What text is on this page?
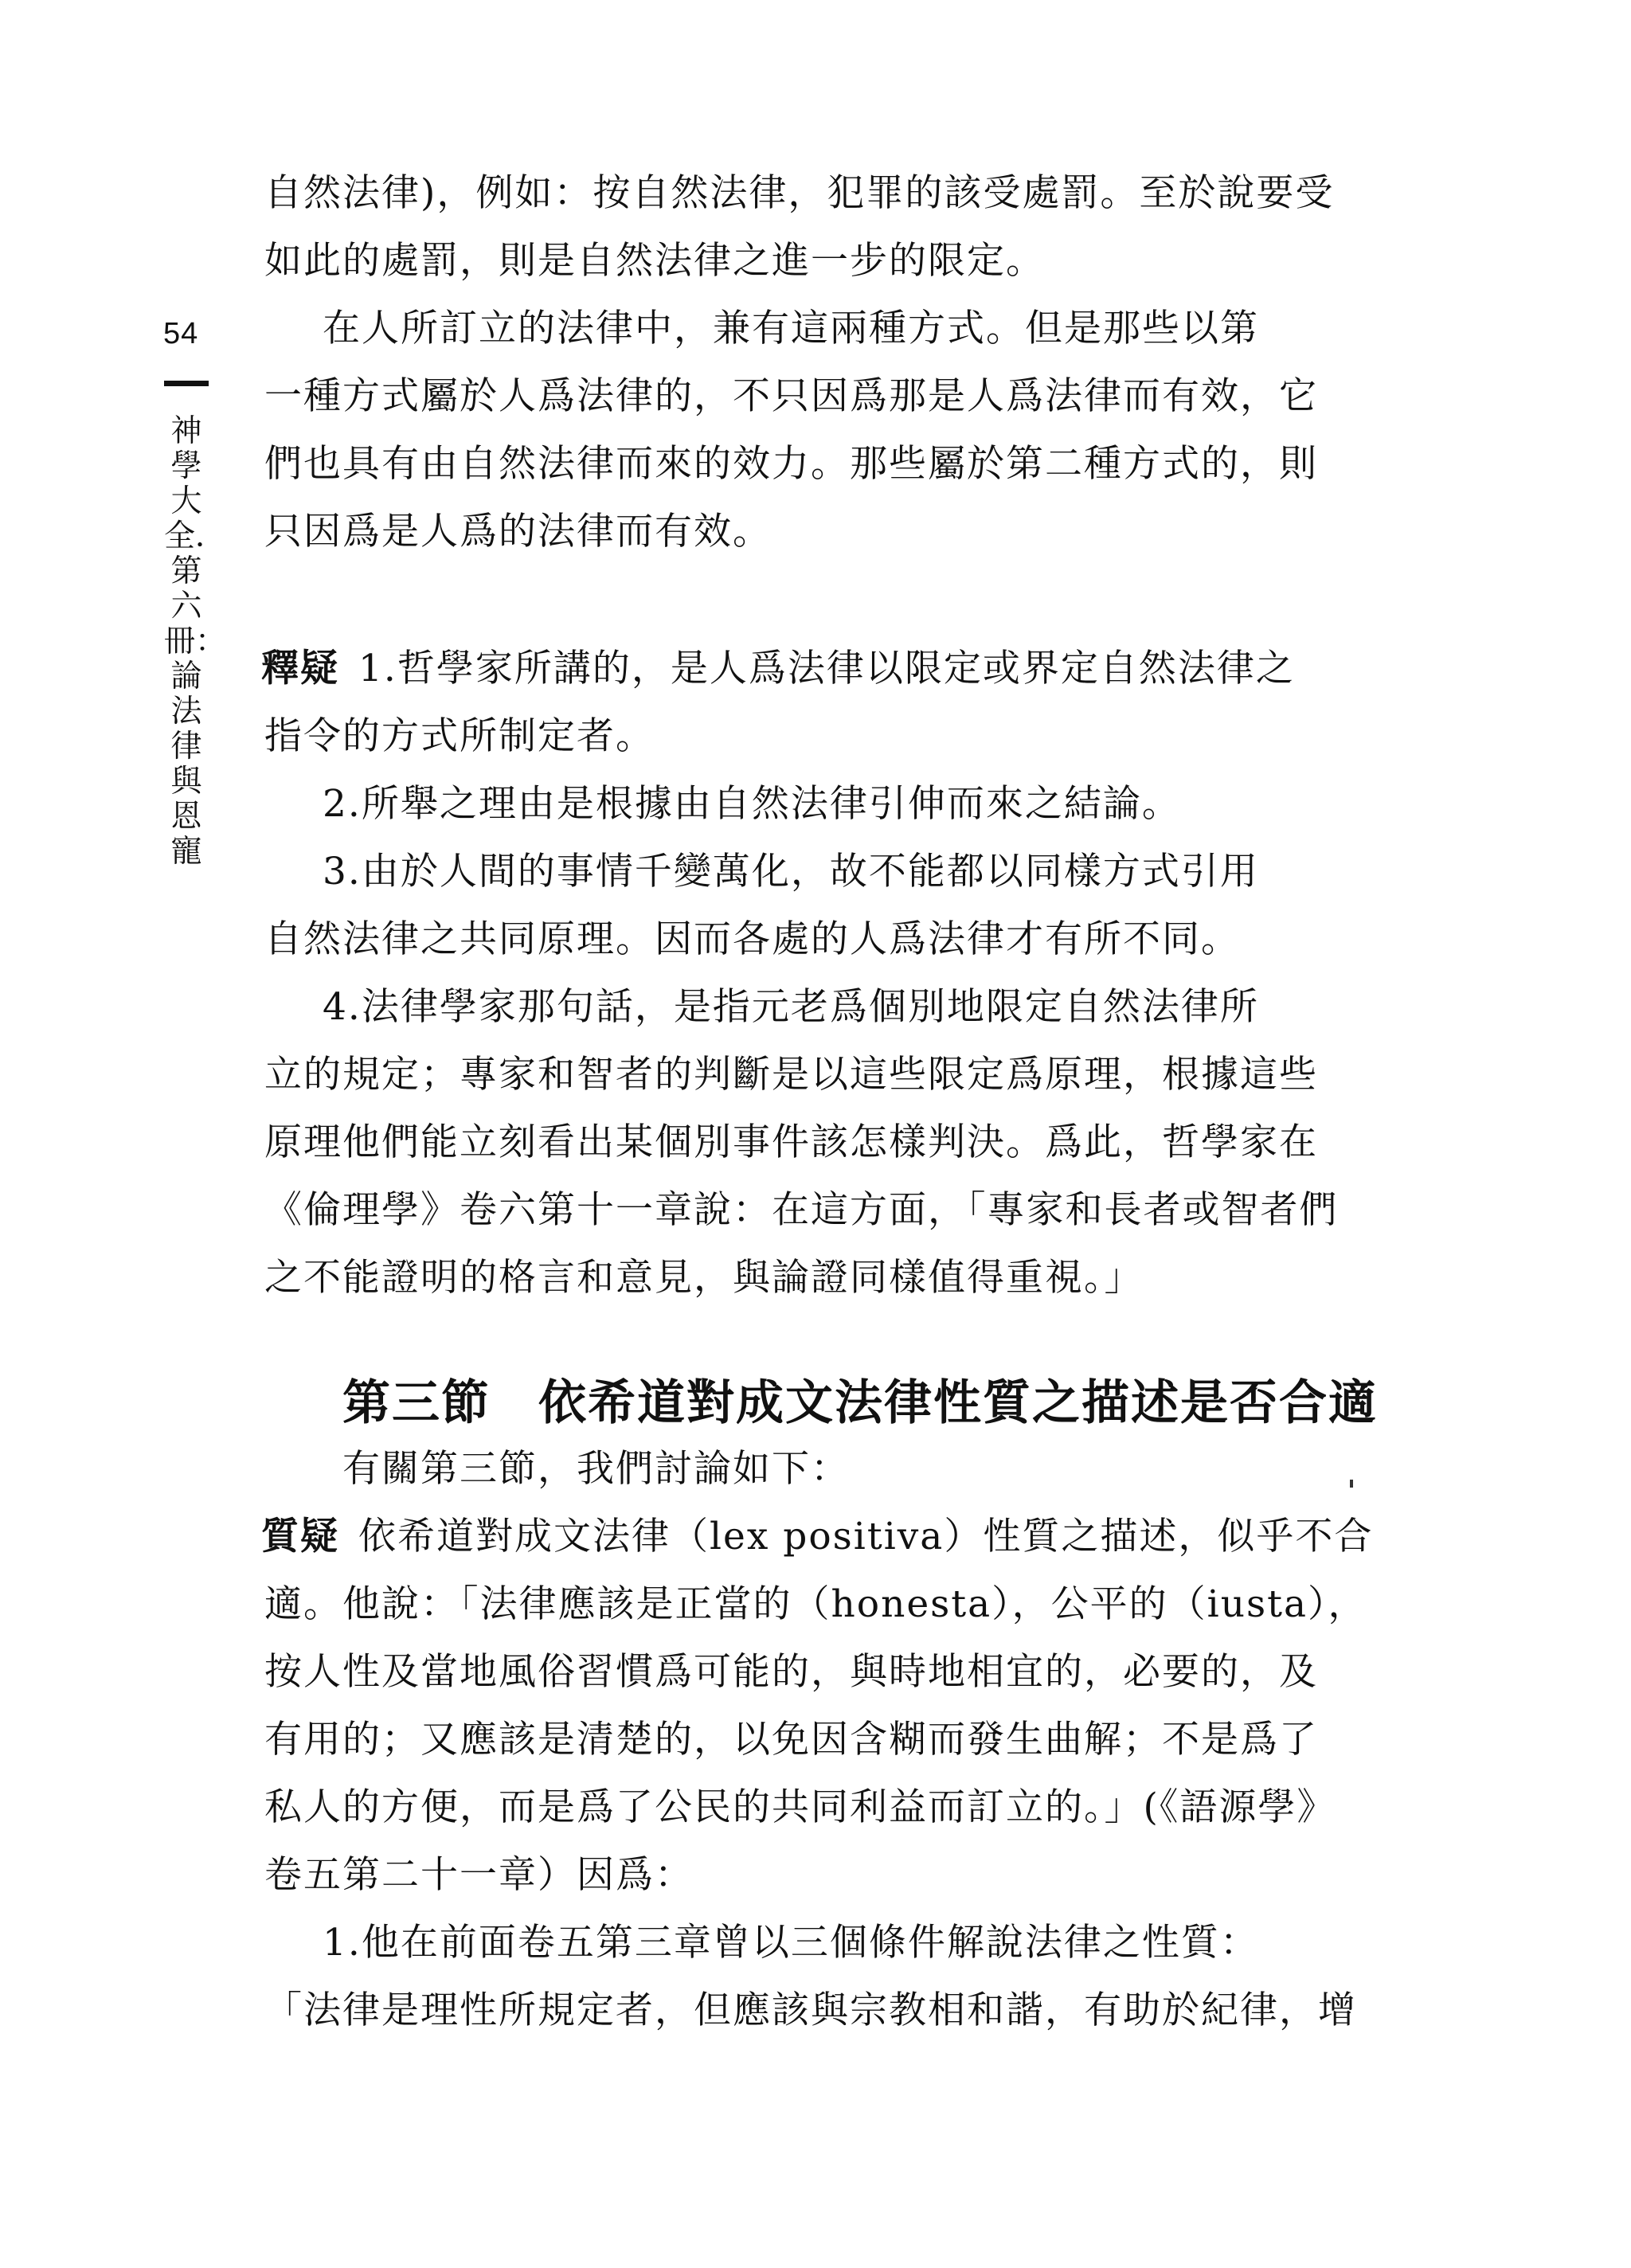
54
神學大全．第六冊：論法律與恩寵
自然法律)，例如：按自然法律，犯罪的該受處罰。至於說要受
如此的處罰，則是自然法律之進一步的限定。
在人所訂立的法律中，兼有這兩種方式。但是那些以第
一種方式屬於人爲法律的，不只因爲那是人爲法律而有效，它
們也具有由自然法律而來的效力。那些屬於第二種方式的，則
只因爲是人爲的法律而有效。
釋疑 1.哲學家所講的，是人爲法律以限定或界定自然法律之
指令的方式所制定者。
2.所舉之理由是根據由自然法律引伸而來之結論。
3.由於人間的事情千變萬化，故不能都以同樣方式引用
自然法律之共同原理。因而各處的人爲法律才有所不同。
4.法律學家那句話，是指元老爲個別地限定自然法律所
立的規定；專家和智者的判斷是以這些限定爲原理，根據這些
原理他們能立刻看出某個別事件該怎樣判決。爲此，哲學家在
《倫理學》卷六第十一章說：在這方面，「專家和長者或智者們
之不能證明的格言和意見，與論證同樣值得重視。」
第三節 依希道對成文法律性質之描述是否合適
有關第三節，我們討論如下：
質疑 依希道對成文法律（lex positiva）性質之描述，似乎不合
適。他說：「法律應該是正當的（honesta），公平的（iusta），
按人性及當地風俗習慣爲可能的，與時地相宜的，必要的，及
有用的；又應該是清楚的，以免因含糊而發生曲解；不是爲了
私人的方便，而是爲了公民的共同利益而訂立的。」(《語源學》
卷五第二十一章）因爲：
1.他在前面卷五第三章曾以三個條件解說法律之性質：
「法律是理性所規定者，但應該與宗教相和諧，有助於紀律，增
